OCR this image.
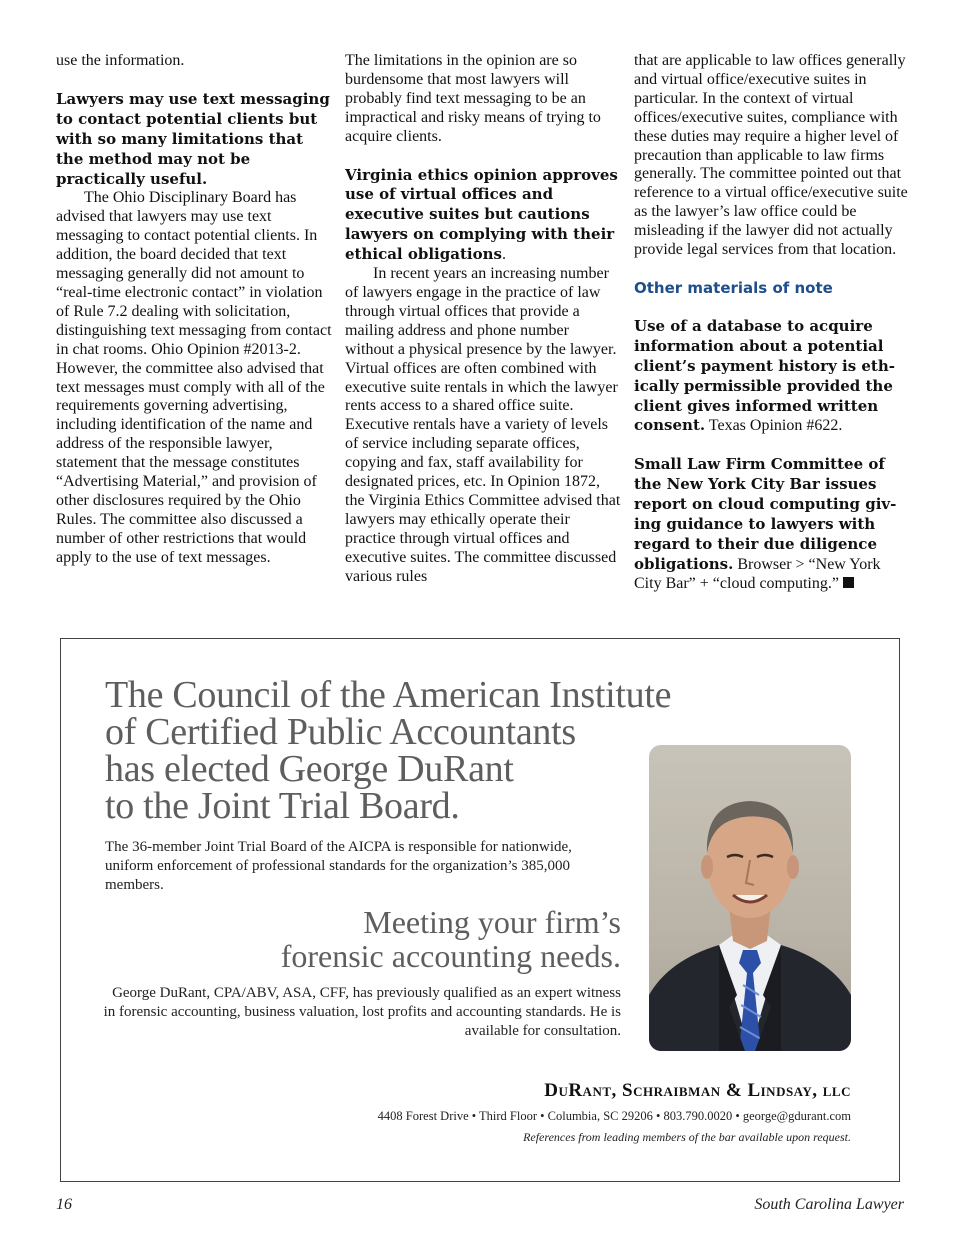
use the information.

Lawyers may use text messaging to contact potential clients but with so many limitations that the method may not be practically useful.

The Ohio Disciplinary Board has advised that lawyers may use text messaging to contact potential clients. In addition, the board decided that text messaging generally did not amount to “real-time electronic contact” in violation of Rule 7.2 dealing with solicitation, distinguishing text messaging from contact in chat rooms. Ohio Opinion #2013-2. However, the committee also advised that text messages must comply with all of the requirements governing advertising, including identification of the name and address of the responsible lawyer, statement that the message constitutes “Advertising Material,” and provision of other disclosures required by the Ohio Rules. The committee also discussed a number of other restrictions that would apply to the use of text messages.

The limitations in the opinion are so burdensome that most lawyers will probably find text messaging to be an impractical and risky means of trying to acquire clients.

Virginia ethics opinion approves use of virtual offices and executive suites but cautions lawyers on complying with their ethical obligations.

In recent years an increasing number of lawyers engage in the practice of law through virtual offices that provide a mailing address and phone number without a physical presence by the lawyer. Virtual offices are often combined with executive suite rentals in which the lawyer rents access to a shared office suite. Executive rentals have a variety of levels of service including separate offices, copying and fax, staff availability for designated prices, etc. In Opinion 1872, the Virginia Ethics Committee advised that lawyers may ethically operate their practice through virtual offices and executive suites. The committee discussed various rules

that are applicable to law offices generally and virtual office/executive suites in particular. In the context of virtual offices/executive suites, compliance with these duties may require a higher level of precaution than applicable to law firms generally. The committee pointed out that reference to a virtual office/executive suite as the lawyer’s law office could be misleading if the lawyer did not actually provide legal services from that location.

Other materials of note

Use of a database to acquire information about a potential client’s payment history is ethically permissible provided the client gives informed written consent. Texas Opinion #622.

Small Law Firm Committee of the New York City Bar issues report on cloud computing giving guidance to lawyers with regard to their due diligence obligations. Browser > “New York City Bar” + “cloud computing.”

The Council of the American Institute
of Certified Public Accountants
has elected George DuRant
to the Joint Trial Board.
The 36-member Joint Trial Board of the AICPA is responsible for nationwide, uniform enforcement of professional standards for the organization’s 385,000 members.
Meeting your firm’s
forensic accounting needs.
George DuRant, CPA/ABV, ASA, CFF, has previously qualified as an expert witness in forensic accounting, business valuation, lost profits and accounting standards. He is available for consultation.
DuRant, Schraibman & Lindsay, llc
4408 Forest Drive • Third Floor • Columbia, SC 29206 • 803.790.0020 • george@gdurant.com
References from leading members of the bar available upon request.
16	South Carolina Lawyer
